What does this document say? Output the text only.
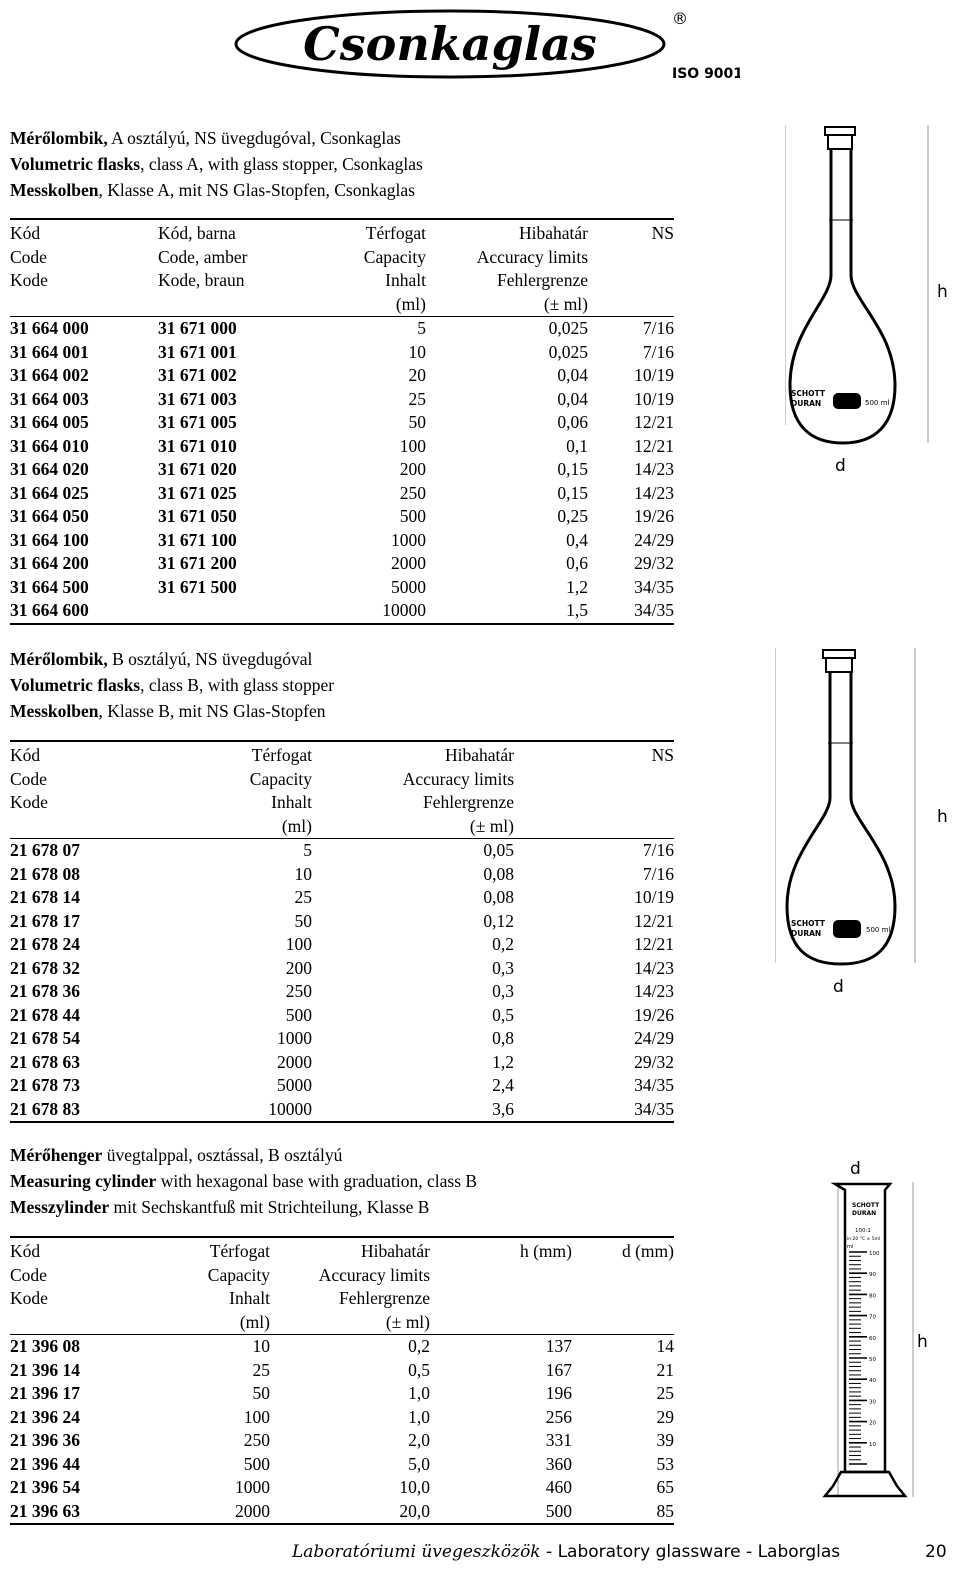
Csonkaglas	®
ISO 9001
Mérőlombik, A osztályú, NS üvegdugóval, Csonkaglas
Volumetric flasks, class A, with glass stopper, Csonkaglas
Messkolben, Klasse A, mit NS Glas-Stopfen, Csonkaglas
Kód	Kód, barna	Térfogat	Hibahatár	NS
Code	Code, amber	Capacity	Accuracy limits	
Kode	Kode, braun	Inhalt	Fehlergrenze	
		(ml)	(± ml)	
31 664 000	31 671 000	5	0,025	7/16
31 664 001	31 671 001	10	0,025	7/16
31 664 002	31 671 002	20	0,04	10/19
31 664 003	31 671 003	25	0,04	10/19
31 664 005	31 671 005	50	0,06	12/21
31 664 010	31 671 010	100	0,1	12/21
31 664 020	31 671 020	200	0,15	14/23
31 664 025	31 671 025	250	0,15	14/23
31 664 050	31 671 050	500	0,25	19/26
31 664 100	31 671 100	1000	0,4	24/29
31 664 200	31 671 200	2000	0,6	29/32
31 664 500	31 671 500	5000	1,2	34/35
31 664 600		10000	1,5	34/35
SCHOTT
DURAN	500 ml
h
d
Mérőlombik, B osztályú, NS üvegdugóval
Volumetric flasks, class B, with glass stopper
Messkolben, Klasse B, mit NS Glas-Stopfen
Kód	Térfogat	Hibahatár	NS
Code	Capacity	Accuracy limits	
Kode	Inhalt	Fehlergrenze	
	(ml)	(± ml)	
21 678 07	5	0,05	7/16
21 678 08	10	0,08	7/16
21 678 14	25	0,08	10/19
21 678 17	50	0,12	12/21
21 678 24	100	0,2	12/21
21 678 32	200	0,3	14/23
21 678 36	250	0,3	14/23
21 678 44	500	0,5	19/26
21 678 54	1000	0,8	24/29
21 678 63	2000	1,2	29/32
21 678 73	5000	2,4	34/35
21 678 83	10000	3,6	34/35
SCHOTT
DURAN	500 ml
h
d
Mérőhenger üvegtalppal, osztással, B osztályú
Measuring cylinder with hexagonal base with graduation, class B
Messzylinder mit Sechskantfuß mit Strichteilung, Klasse B
Kód	Térfogat	Hibahatár	h (mm)	d (mm)
Code	Capacity	Accuracy limits		
Kode	Inhalt	Fehlergrenze		
	(ml)	(± ml)		
21 396 08	10	0,2	137	14
21 396 14	25	0,5	167	21
21 396 17	50	1,0	196	25
21 396 24	100	1,0	256	29
21 396 36	250	2,0	331	39
21 396 44	500	5,0	360	53
21 396 54	1000	10,0	460	65
21 396 63	2000	20,0	500	85
d
SCHOTT
DURAN
100:1
in 20 °C ± 5ml
ml
100
90
80
70
60
50
40
30
20
10
h
Laboratóriumi üvegeszközök - Laboratory glassware - Laborglas	20
